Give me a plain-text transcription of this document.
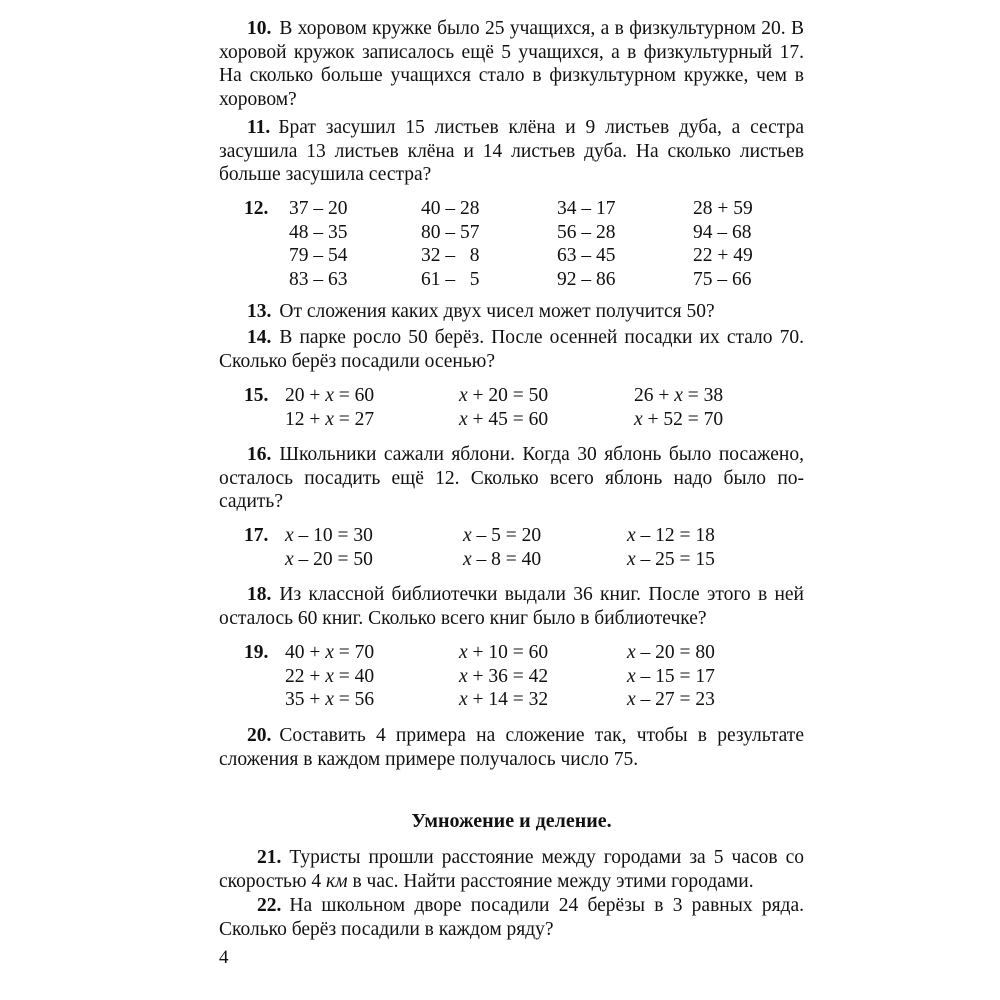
10. В хоровом кружке было 25 учащихся, а в физкультурном 20. В хоровой кружок записалось ещё 5 учащихся, а в физкультурный 17. На сколько больше учащихся стало в физкультурном кружке, чем в хоровом?
11. Брат засушил 15 листьев клёна и 9 листьев дуба, а сестра засушила 13 листьев клёна и 14 листьев дуба. На сколько листьев больше засушила сестра?
12. 37 – 20	40 – 28	34 – 17	28 + 59
48 – 35	80 – 57	56 – 28	94 – 68
79 – 54	32 –   8	63 – 45	22 + 49
83 – 63	61 –   5	92 – 86	75 – 66
13. От сложения каких двух чисел может получится 50?
14. В парке росло 50 берёз. После осенней посадки их стало 70. Сколько берёз посадили осенью?
15. 20 + x = 60	x + 20 = 50	26 + x = 38
12 + x = 27	x + 45 = 60	x + 52 = 70
16. Школьники сажали яблони. Когда 30 яблонь было посажено, осталось посадить ещё 12. Сколько всего яблонь надо было посадить?
17. x – 10 = 30	x – 5 = 20	x – 12 = 18
x – 20 = 50	x – 8 = 40	x – 25 = 15
18. Из классной библиотечки выдали 36 книг. После этого в ней осталось 60 книг. Сколько всего книг было в библиотечке?
19. 40 + x = 70	x + 10 = 60	x – 20 = 80
22 + x = 40	x + 36 = 42	x – 15 = 17
35 + x = 56	x + 14 = 32	x – 27 = 23
20. Составить 4 примера на сложение так, чтобы в результате сложения в каждом примере получалось число 75.
Умножение и деление.
21. Туристы прошли расстояние между городами за 5 часов со скоростью 4 км в час. Найти расстояние между этими городами.
22. На школьном дворе посадили 24 берёзы в 3 равных ряда. Сколько берёз посадили в каждом ряду?
4
